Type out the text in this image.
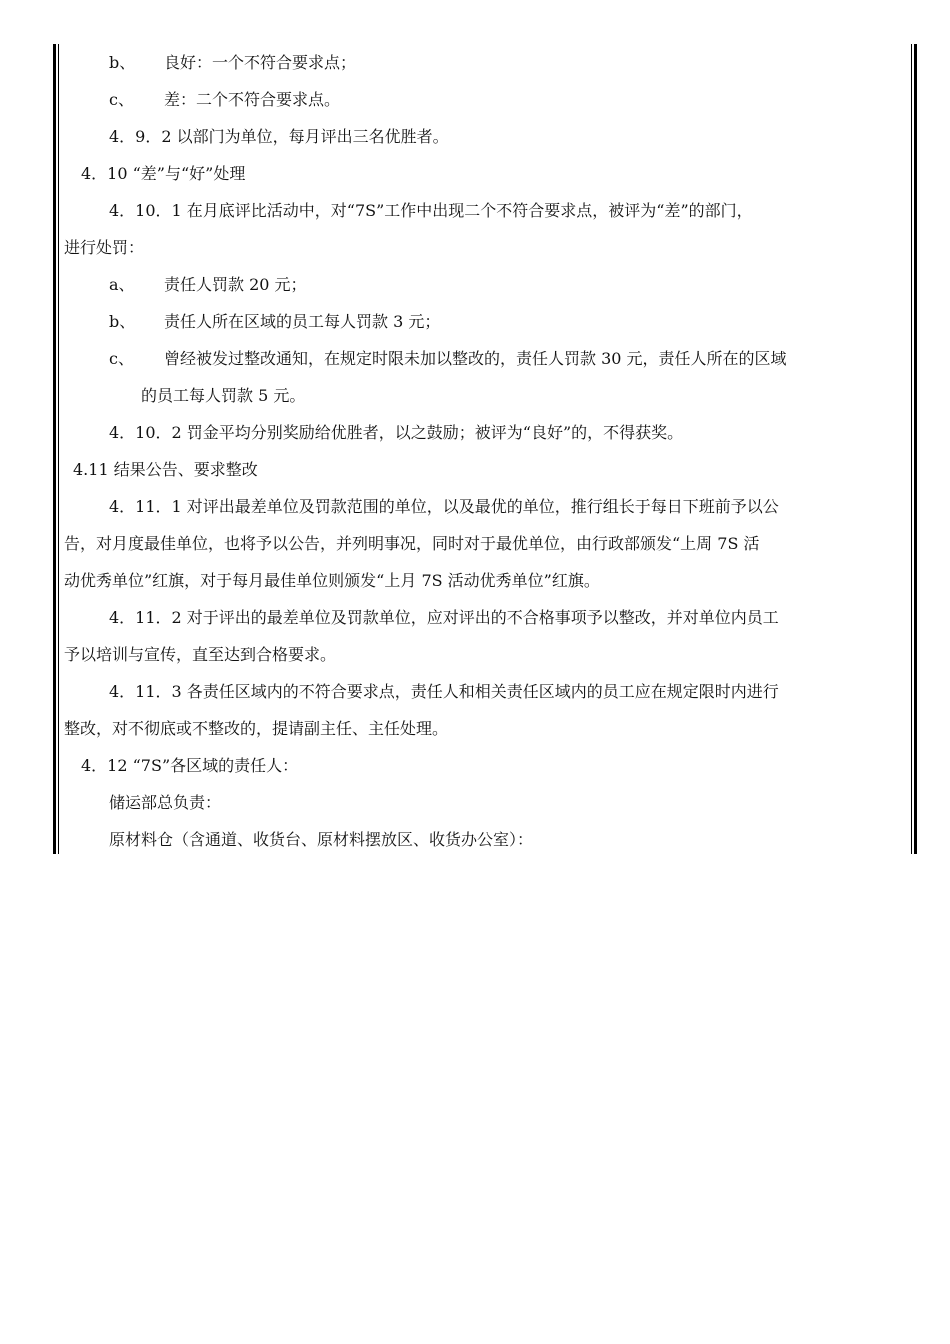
b、	良好：一个不符合要求点；
c、	差：二个不符合要求点。
4．9．2 以部门为单位，每月评出三名优胜者。
4．10 “差”与“好”处理
4．10．1 在月底评比活动中，对“7S”工作中出现二个不符合要求点，被评为“差”的部门，
进行处罚：
a、	责任人罚款 20 元；
b、	责任人所在区域的员工每人罚款 3 元；
c、	曾经被发过整改通知，在规定时限未加以整改的，责任人罚款 30 元，责任人所在的区域
的员工每人罚款 5 元。
4．10．2 罚金平均分别奖励给优胜者，以之鼓励；被评为“良好”的，不得获奖。
4.11 结果公告、要求整改
4．11．1 对评出最差单位及罚款范围的单位，以及最优的单位，推行组长于每日下班前予以公
告，对月度最佳单位，也将予以公告，并列明事况，同时对于最优单位，由行政部颁发“上周 7S 活
动优秀单位”红旗，对于每月最佳单位则颁发“上月 7S 活动优秀单位”红旗。
4．11．2 对于评出的最差单位及罚款单位，应对评出的不合格事项予以整改，并对单位内员工
予以培训与宣传，直至达到合格要求。
4．11．3 各责任区域内的不符合要求点，责任人和相关责任区域内的员工应在规定限时内进行
整改，对不彻底或不整改的，提请副主任、主任处理。
4．12 “7S”各区域的责任人：
储运部总负责：
原材料仓（含通道、收货台、原材料摆放区、收货办公室）：
